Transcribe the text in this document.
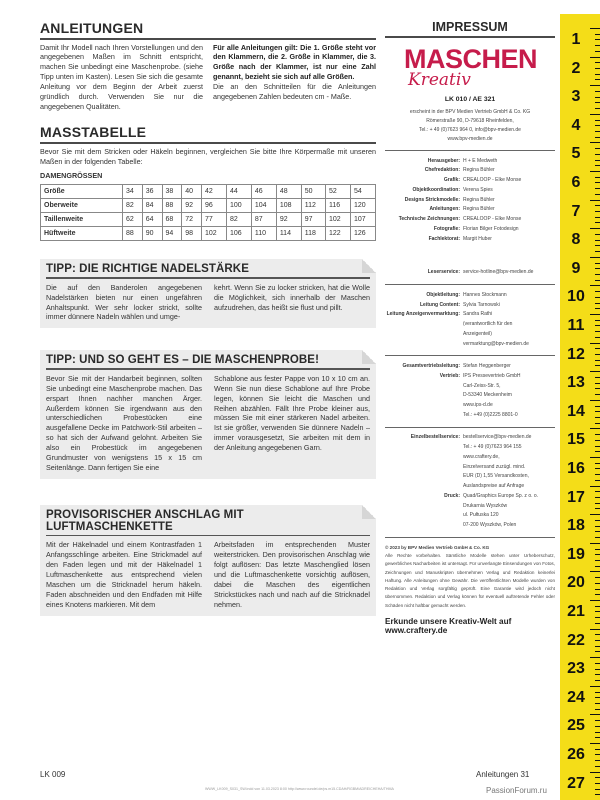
ANLEITUNGEN
Damit Ihr Modell nach Ihren Vorstellungen und den angegebenen Maßen im Schnitt entspricht, machen Sie unbedingt eine Maschenprobe. (siehe Tipp unten im Kasten). Lesen Sie sich die gesamte Anleitung vor dem Beginn der Arbeit zuerst gründlich durch. Verwenden Sie nur die angegebenen Qualitäten.
Für alle Anleitungen gilt: Die 1. Größe steht vor den Klammern, die 2. Größe in Klammer, die 3. Größe nach der Klammer, ist nur eine Zahl genannt, bezieht sie sich auf alle Größen.
Die an den Schnitteilen für die Anleitungen angegebenen Zahlen bedeuten cm - Maße.
MASSTABELLE
Bevor Sie mit dem Stricken oder Häkeln beginnen, vergleichen Sie bitte Ihre Körpermaße mit unseren Maßen in der folgenden Tabelle:
DAMENGRÖSSEN
Größe	34	36	38	40	42	44	46	48	50	52	54
Oberweite	82	84	88	92	96	100	104	108	112	116	120
Taillenweite	62	64	68	72	77	82	87	92	97	102	107
Hüftweite	88	90	94	98	102	106	110	114	118	122	126
TIPP: DIE RICHTIGE NADELSTÄRKE
Die auf den Banderolen angegebenen Nadelstärken bieten nur einen ungefähren Anhaltspunkt. Wer sehr locker strickt, sollte immer dünnere Nadeln wählen und umge-
kehrt. Wenn Sie zu locker stricken, hat die Wolle die Möglichkeit, sich innerhalb der Maschen aufzudrehen, das heißt sie flust und pillt.
TIPP: UND SO GEHT ES – DIE MASCHENPROBE!
Bevor Sie mit der Handarbeit beginnen, sollten Sie unbedingt eine Maschenprobe machen. Das erspart Ihnen nachher manchen Ärger. Außerdem können Sie irgendwann aus den unterschiedlichen Probestücken eine ausgefallene Decke im Patchwork-Stil arbeiten – so hat sich der Aufwand gelohnt. Arbeiten Sie also ein Probestück im angegebenen Grundmuster von wenigstens 15 x 15 cm Seitenlänge. Dann fertigen Sie eine
Schablone aus fester Pappe von 10 x 10 cm an. Wenn Sie nun diese Schablone auf Ihre Probe legen, können Sie leicht die Maschen und Reihen abzählen. Fällt Ihre Probe kleiner aus, müssen Sie mit einer stärkeren Nadel arbeiten. Ist sie größer, verwenden Sie dünnere Nadeln – immer vorausgesetzt, Sie arbeiten mit dem in der Anleitung angegebenen Garn.
PROVISORISCHER ANSCHLAG MIT LUFTMASCHENKETTE
Mit der Häkelnadel und einem Kontrastfaden 1 Anfangsschlinge arbeiten. Eine Strickmadel auf den Faden legen und mit der Häkelnadel 1 Luftmaschenkette aus entsprechend vielen Maschen um die Stricknadel herum häkeln. Faden abschneiden und den Endfaden mit Hilfe eines Knotens markieren. Mit dem
Arbeitsfaden im entsprechenden Muster weiterstricken. Den provisorischen Anschlag wie folgt auflösen: Das letzte Maschenglied lösen und die Luftmaschenkette vorsichtig auflösen, dabei die Maschen des eigentlichen Strickstückes nach und nach auf die Stricknadel nehmen.
IMPRESSUM
MASCHEN
Kreativ
LK 010 / AE 321
erscheint in der BPV Medien Vertrieb GmbH & Co. KG
Römerstraße 90, D-79618 Rheinfelden,
Tel.: + 49 (0)7623 964 0, info@bpv-medien.de
www.bpv-medien.de
Herausgeber: H + E Medweth
Chefredaktion: Regina Bühler
Grafik: CREALOOP - Elke Monse
Objektkoordination: Verena Spies
Designs Strickmodelle: Regina Bühler
Anleitungen: Regina Bühler
Technische Zeichnungen: CREALOOP - Elke Monse
Fotografie: Florian Bilger Fotodesign
Fachlektorat: Margit Huber
Leserservice: service-hotline@bpv-medien.de
Objektleitung: Hannes Stockmann
Leitung Content: Sylvia Tarnowski
Leitung Anzeigenvermarktung: Sandra Rathi
(verantwortlich für den
Anzeigenteil)
vermarktung@bpv-medien.de
Gesamtvertriebsleitung: Stefan Heggenberger
Vertrieb: IPS Pressevertrieb GmbH
Carl-Zeiss-Str. 5,
D-53340 Meckenheim
www.ips-d.de
Tel.: +49 (0)2225 8801-0
Einzelbestellservice: bestellservice@bpv-medien.de
Tel.: + 49 (0)7623 964 155
www.craftery.de,
Einzelversand zuzügl. mind.
EUR (D) 1,55 Versandkosten,
Auslandspreise auf Anfrage
Druck: Quad/Graphics Europe Sp. z o. o.
Drukarnia Wyszków
ul. Pułtuska 120
07-200 Wyszków, Polen
© 2023 by BPV Medien Vertrieb GmbH & Co. KG
Alle Rechte vorbehalten. Sämtliche Modelle stehen unter Urheberschutz, gewerbliches Nacharbeiten ist untersagt. Für unverlangte Einsendungen von Fotos, Zeichnungen und Manuskripten übernehmen Verlag und Redaktion keinerlei Haftung. Alle Anleitungen ohne Gewähr. Die veröffentlichten Modelle wurden von Redaktion und Verlag sorgfältig geprüft. Eine Garantie wird jedoch nicht übernommen. Redaktion und Verlag können für eventuell auftretende Fehler oder Schäden nicht haftbar gemacht werden.
Erkunde unsere Kreativ-Welt auf www.craftery.de
1
2
3
4
5
6
7
8
9
10
11
12
13
14
15
16
17
18
19
20
21
22
23
24
25
26
27
LK 009	Anleitungen 31
WWW_LK009_S031_SW.indd von 11.03.2023 8:00 http://www.roundel.de/ps.m15.CDAH/RGBM/ADREICHEHA/THMA	PassionForum.ru
